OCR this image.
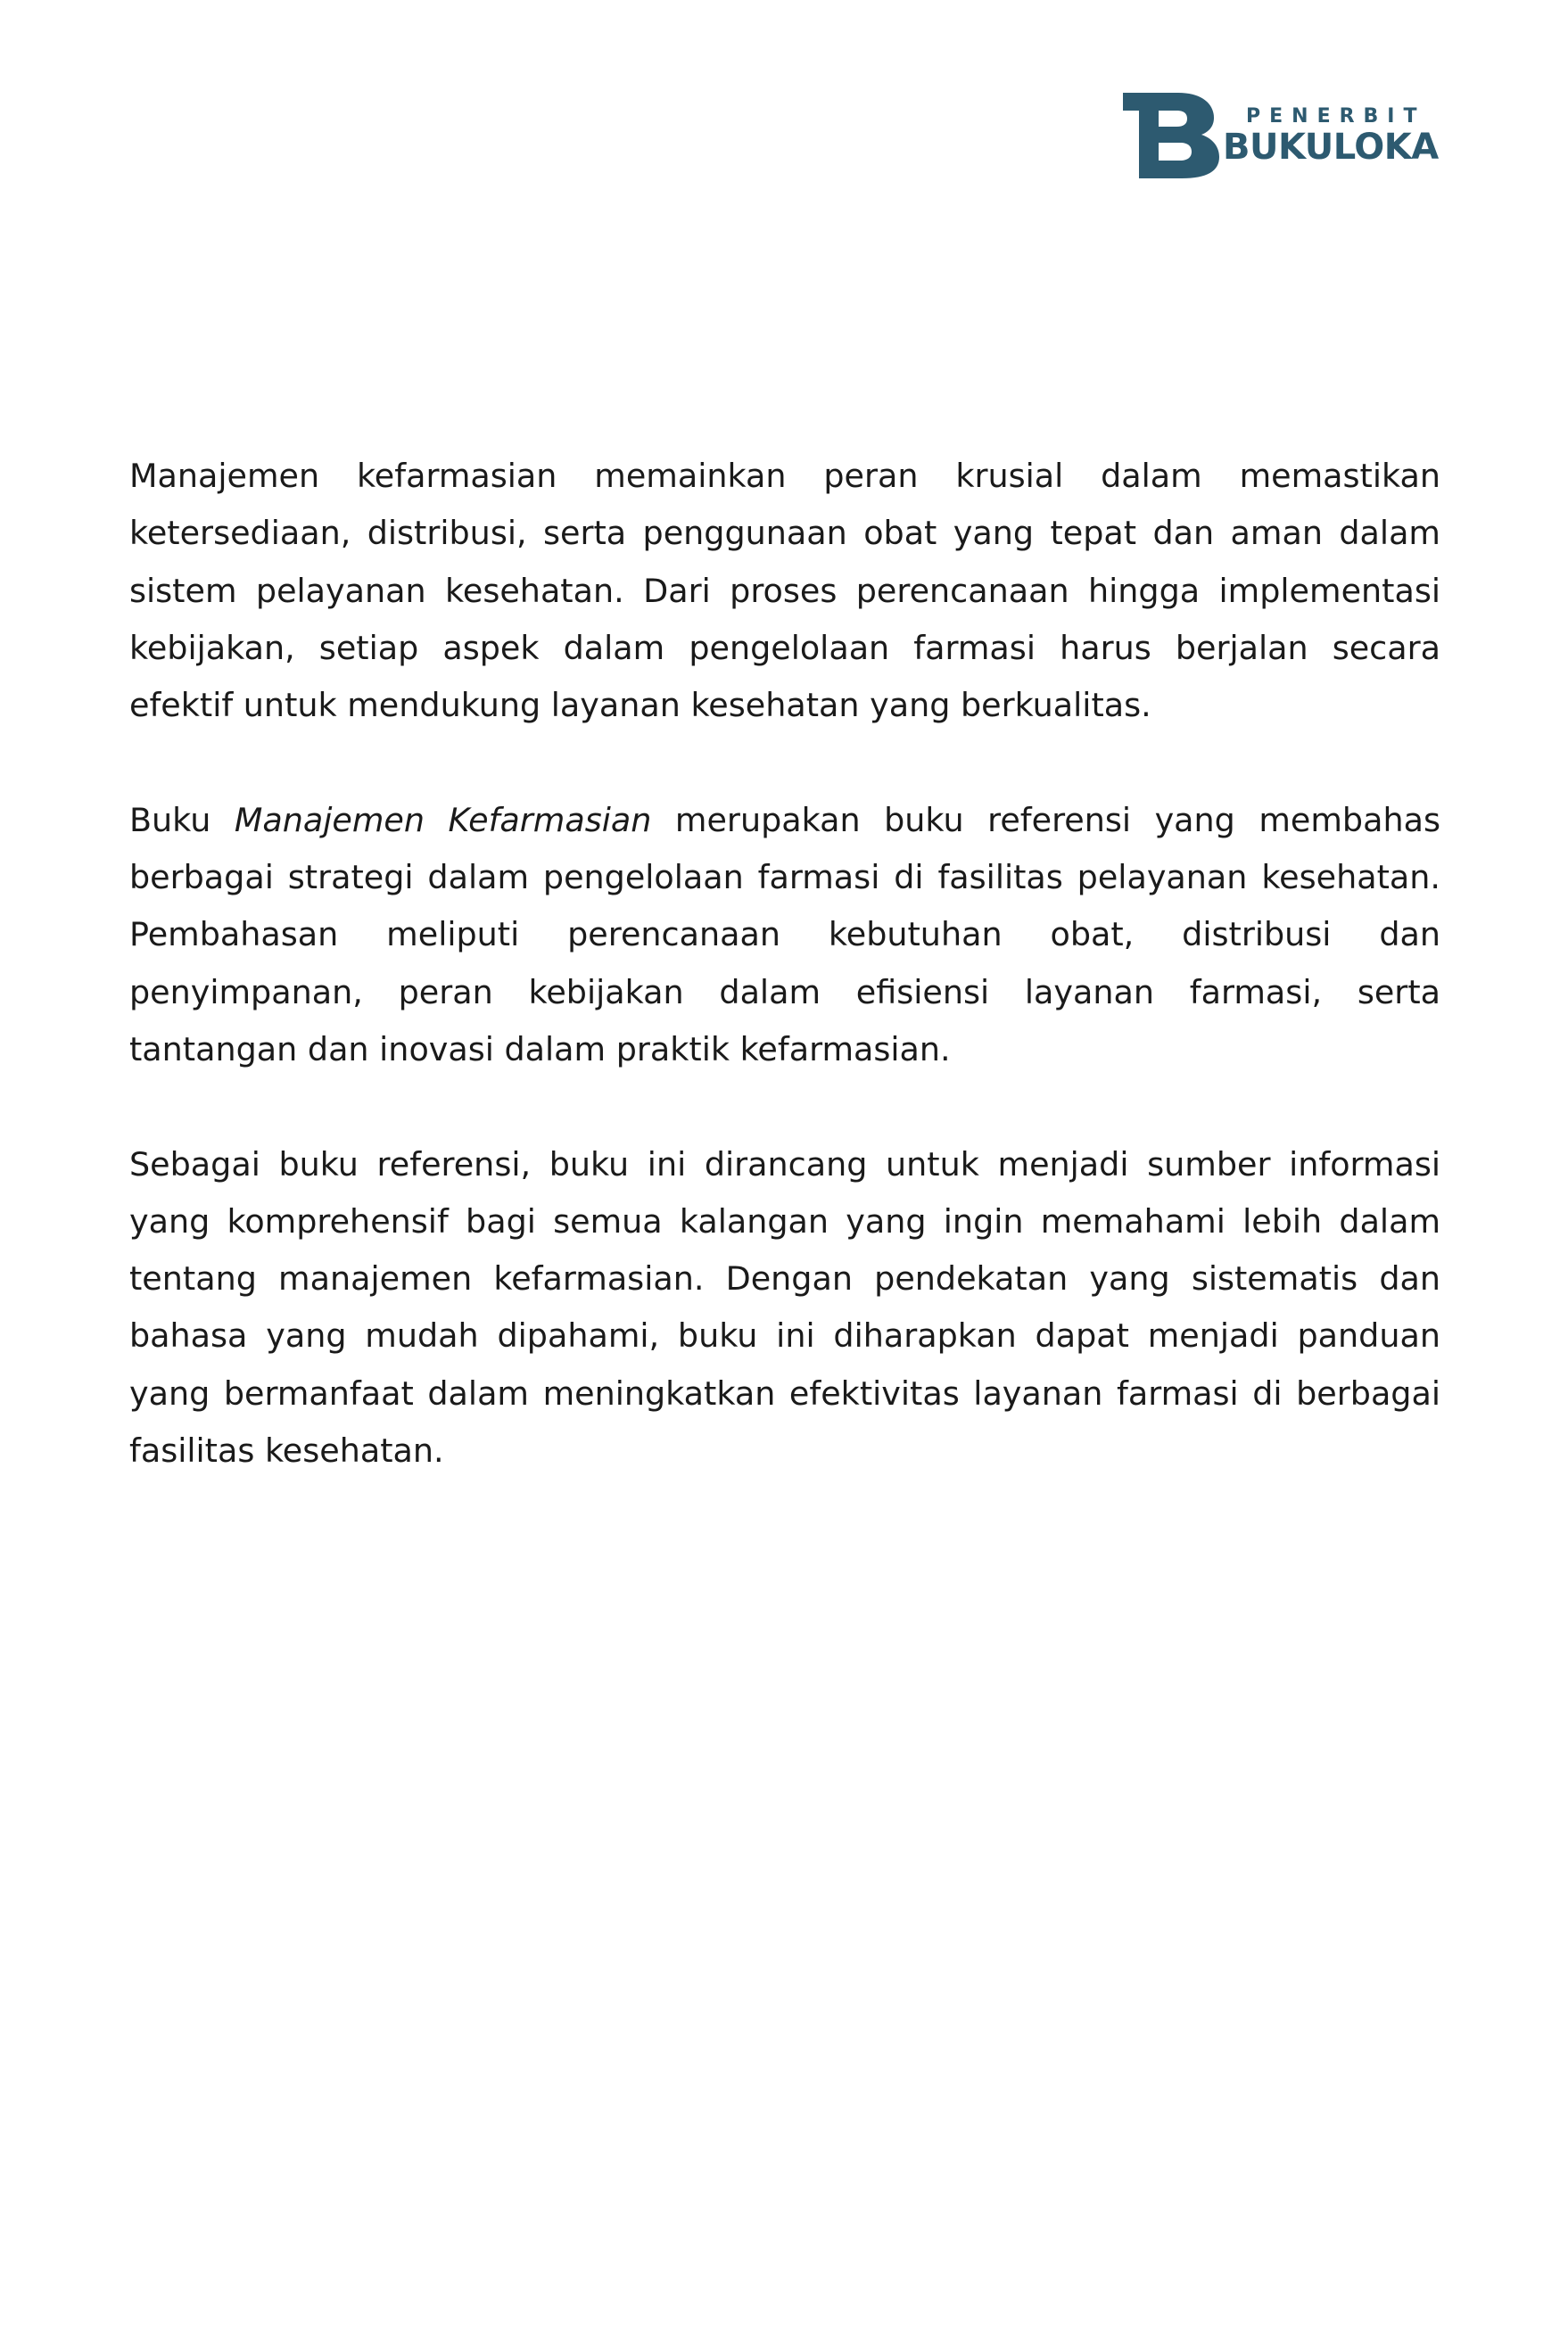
PENERBIT
BUKULOKA

Manajemen kefarmasian memainkan peran krusial dalam memastikan ketersediaan, distribusi, serta penggunaan obat yang tepat dan aman dalam sistem pelayanan kesehatan. Dari proses perencanaan hingga implementasi kebijakan, setiap aspek dalam pengelolaan farmasi harus berjalan secara efektif untuk mendukung layanan kesehatan yang berkualitas.

Buku Manajemen Kefarmasian merupakan buku referensi yang membahas berbagai strategi dalam pengelolaan farmasi di fasilitas pelayanan kesehatan. Pembahasan meliputi perencanaan kebutuhan obat, distribusi dan penyimpanan, peran kebijakan dalam efisiensi layanan farmasi, serta tantangan dan inovasi dalam praktik kefarmasian.

Sebagai buku referensi, buku ini dirancang untuk menjadi sumber informasi yang komprehensif bagi semua kalangan yang ingin memahami lebih dalam tentang manajemen kefarmasian. Dengan pendekatan yang sistematis dan bahasa yang mudah dipahami, buku ini diharapkan dapat menjadi panduan yang bermanfaat dalam meningkatkan efektivitas layanan farmasi di berbagai fasilitas kesehatan.
